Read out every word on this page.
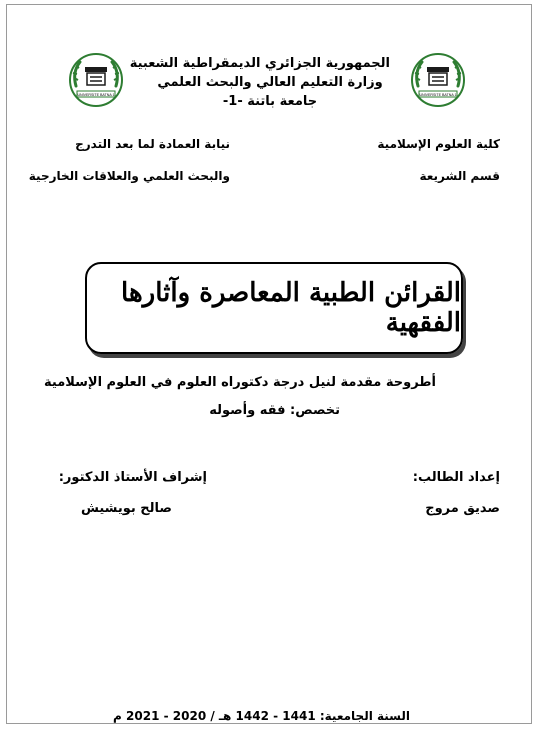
UNIVERSITE BATNA 1	UNIVERSITE BATNA 1
الجمهورية الجزائري الديمقراطية الشعبية
وزارة التعليم العالي والبحث العلمي
جامعة باتنة -1-
كلية العلوم الإسلامية
قسم الشريعة
نيابة العمادة لما بعد التدرج
والبحث العلمي والعلاقات الخارجية
القرائن الطبية المعاصرة وآثارها الفقهية
أطروحة مقدمة لنيل درجة دكتوراه العلوم في العلوم الإسلامية
تخصص: فقه وأصوله
إعداد الطالب:
صديق مروج
إشراف الأستاذ الدكتور:
صالح بويشيش
السنة الجامعية: 1441 - 1442 هـ / 2020 - 2021 م
